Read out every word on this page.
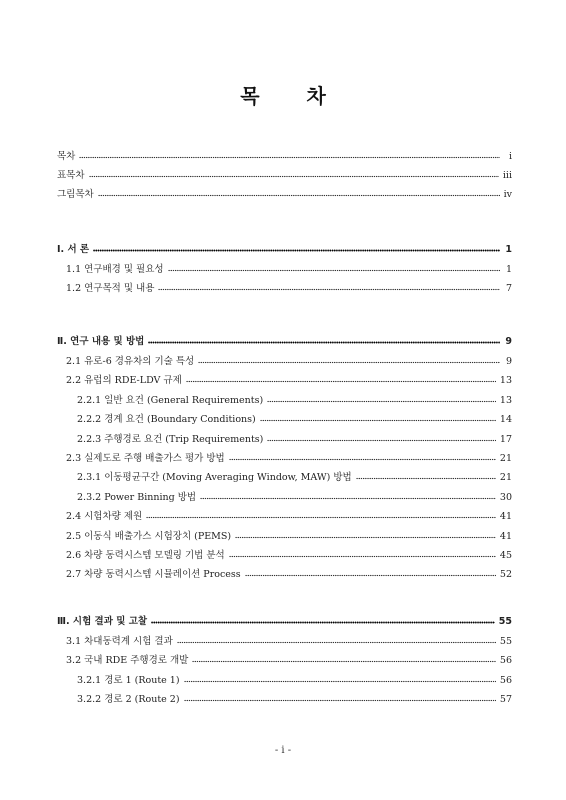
목 차
목차	i
표목차	iii
그림목차	iv
Ⅰ. 서 론	1
1.1 연구배경 및 필요성	1
1.2 연구목적 및 내용	7
Ⅱ. 연구 내용 및 방법	9
2.1 유로-6 경유차의 기술 특성	9
2.2 유럽의 RDE-LDV 규제	13
2.2.1 일반 요건 (General Requirements)	13
2.2.2 경계 요건 (Boundary Conditions)	14
2.2.3 주행경로 요건 (Trip Requirements)	17
2.3 실제도로 주행 배출가스 평가 방법	21
2.3.1 이동평균구간 (Moving Averaging Window, MAW) 방법	21
2.3.2 Power Binning 방법	30
2.4 시험차량 제원	41
2.5 이동식 배출가스 시험장치 (PEMS)	41
2.6 차량 동력시스템 모델링 기법 분석	45
2.7 차량 동력시스템 시뮬레이션 Process	52
Ⅲ. 시험 결과 및 고찰	55
3.1 차대동력계 시험 결과	55
3.2 국내 RDE 주행경로 개발	56
3.2.1 경로 1 (Route 1)	56
3.2.2 경로 2 (Route 2)	57
- i -
